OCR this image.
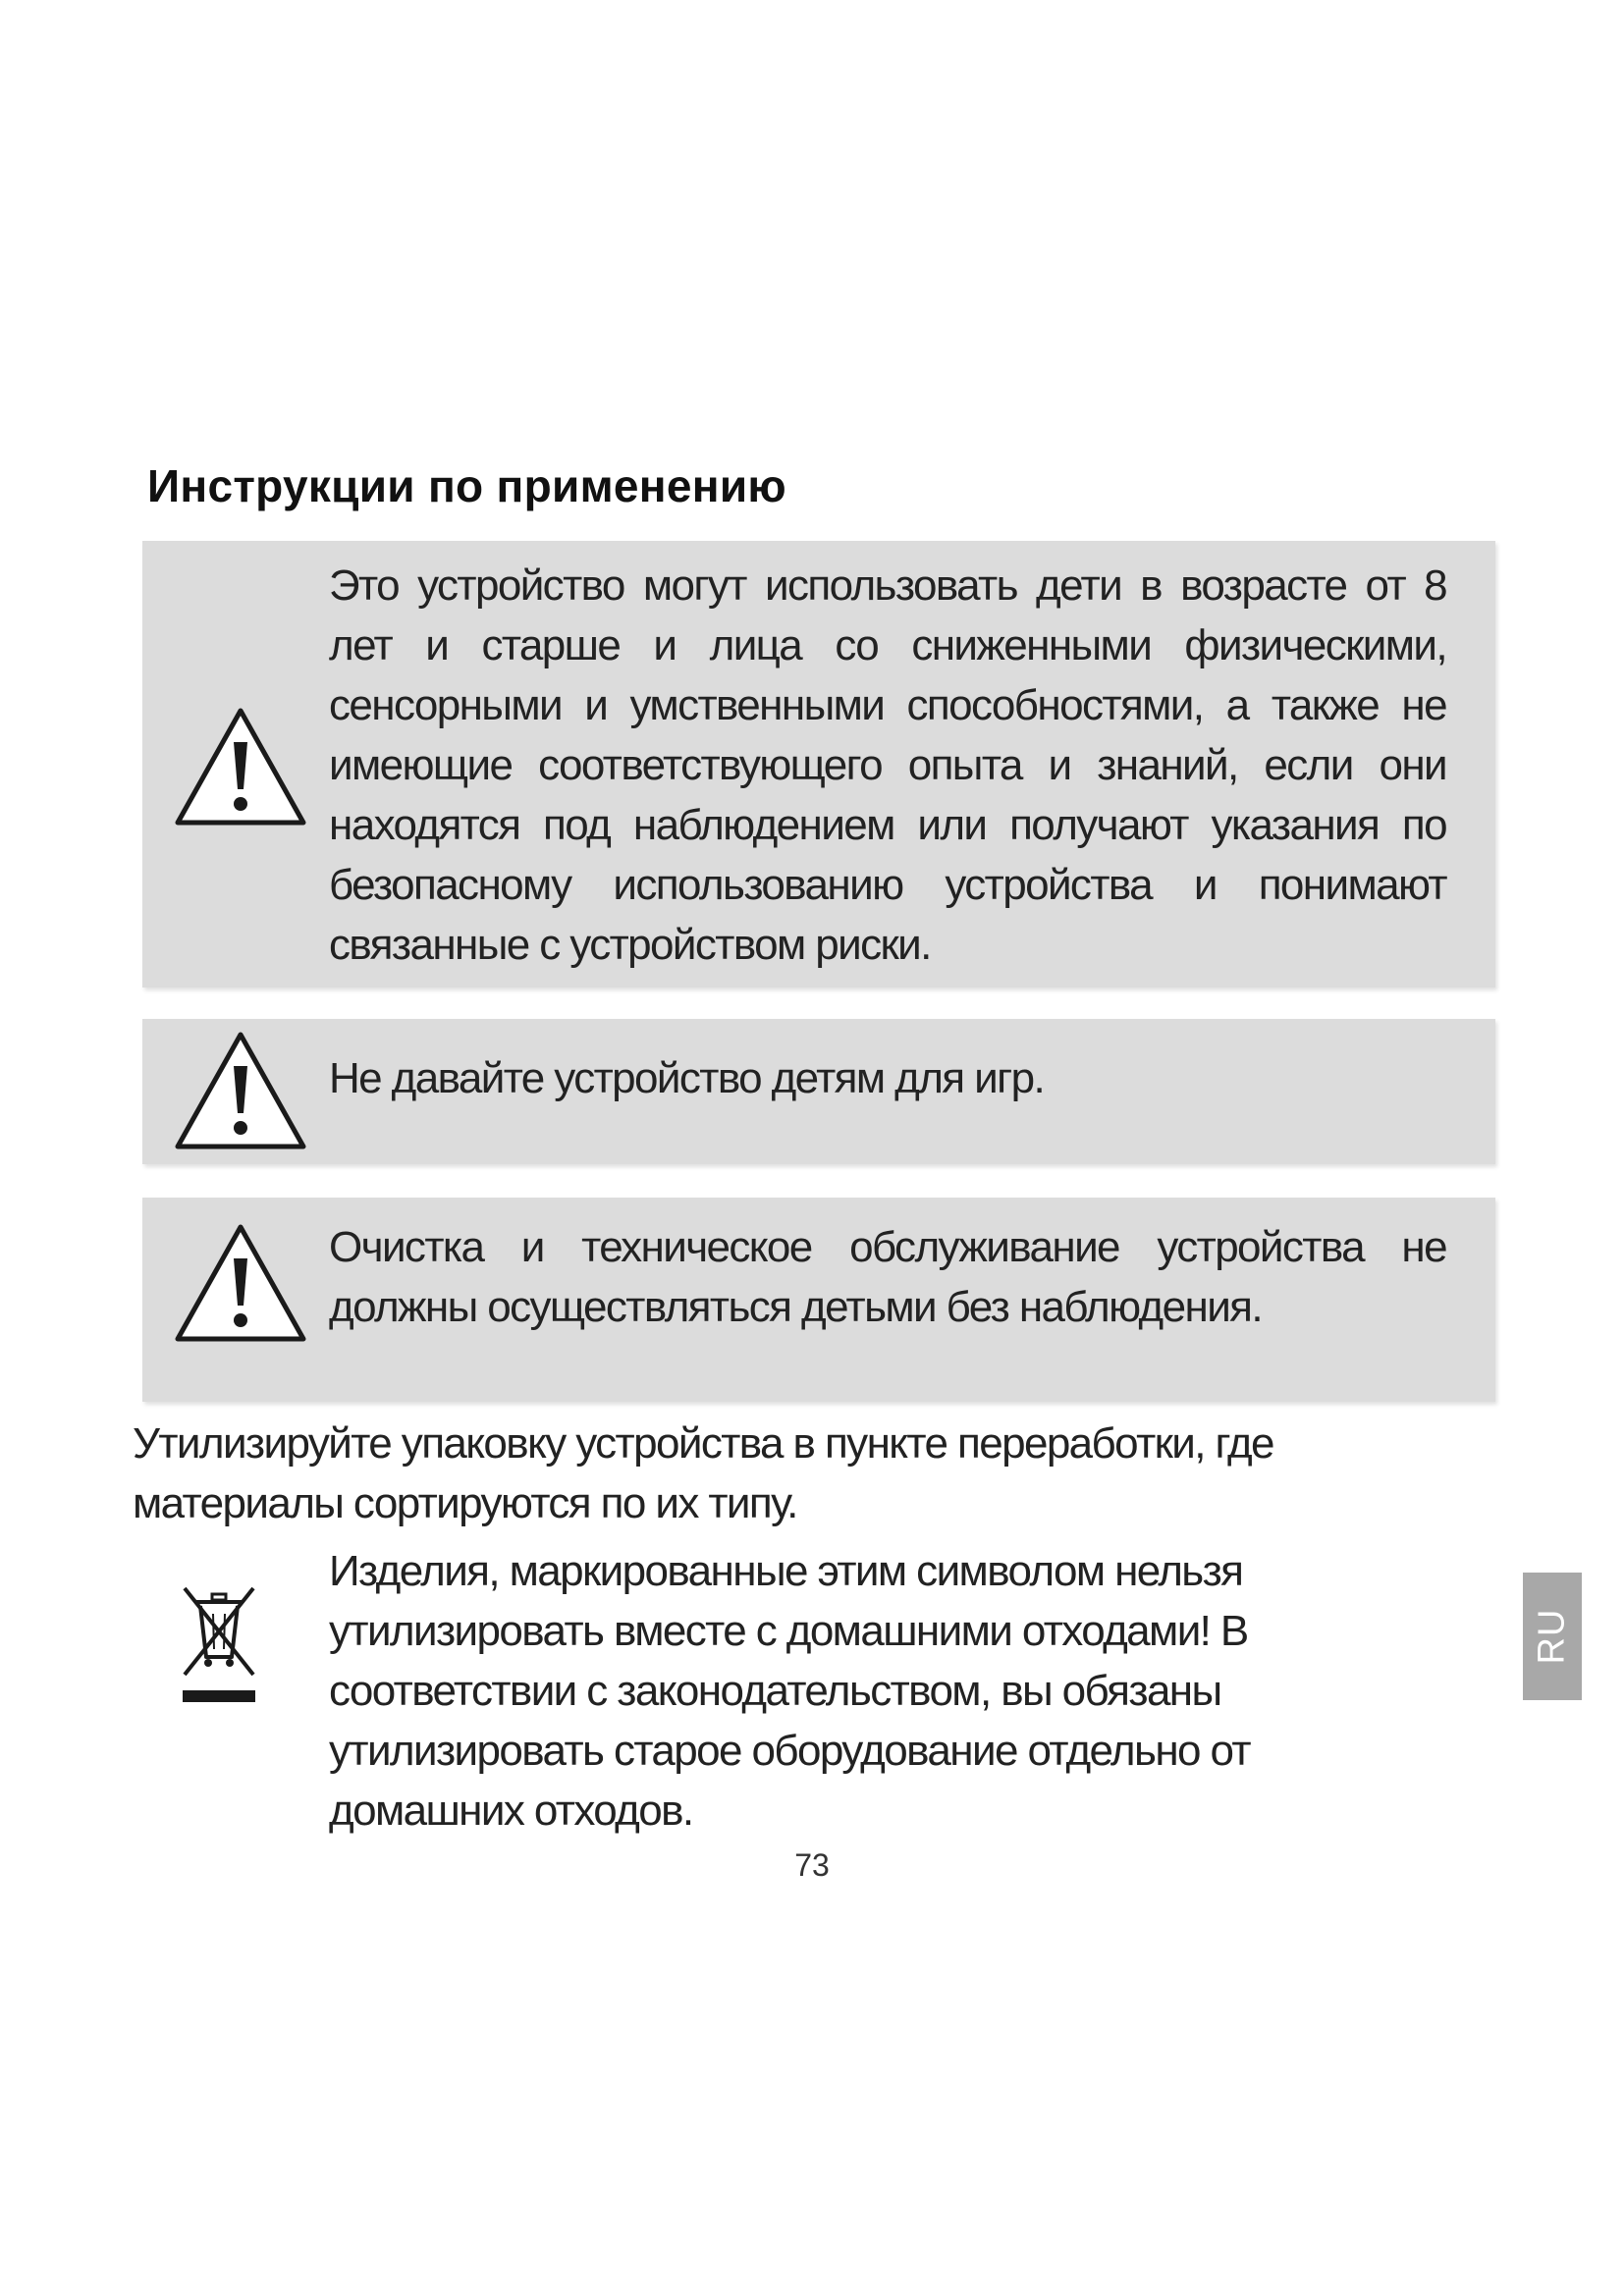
Инструкции по применению
Это устройство могут использовать дети в возрасте от 8 лет и старше и лица со сниженными физическими, сенсорными и умственными способностями, а также не имеющие соответствующего опыта и знаний, если они находятся под наблюдением или получают указания по безопасному использованию устройства и понимают связанные с устройством риски.
Не давайте устройство детям для игр.
Очистка и техническое обслуживание устройства не должны осуществляться детьми без наблюдения.
Утилизируйте упаковку устройства в пункте переработки, где материалы сортируются по их типу.
Изделия, маркированные этим символом нельзя утилизировать вместе с домашними отходами! В соответствии с законодательством, вы обязаны утилизировать старое оборудование отдельно от домашних отходов.
RU
73
